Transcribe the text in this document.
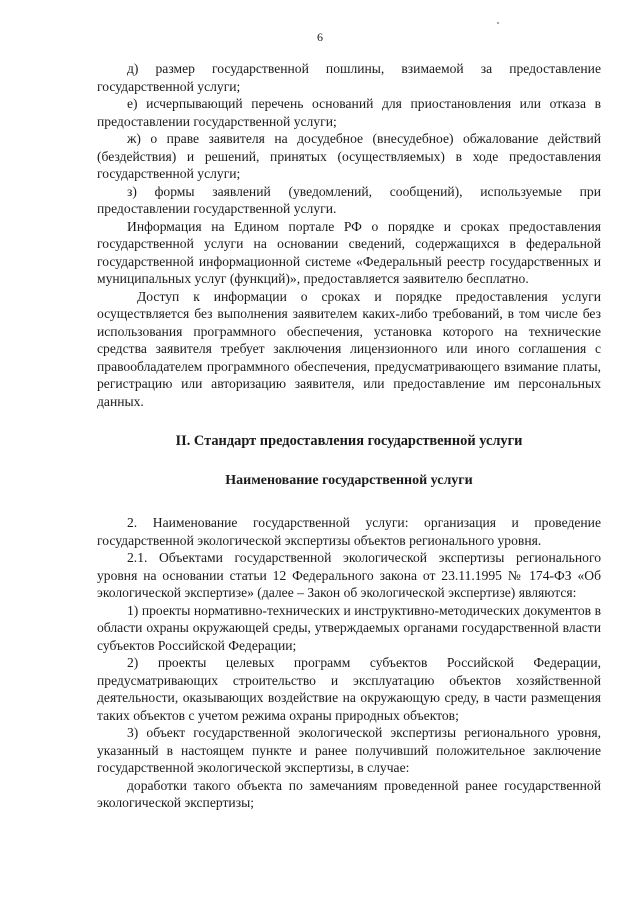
6

д) размер государственной пошлины, взимаемой за предоставление государственной услуги;

е) исчерпывающий перечень оснований для приостановления или отказа в предоставлении государственной услуги;

ж) о праве заявителя на досудебное (внесудебное) обжалование действий (бездействия) и решений, принятых (осуществляемых) в ходе предоставления государственной услуги;

з) формы заявлений (уведомлений, сообщений), используемые при предоставлении государственной услуги.

Информация на Едином портале РФ о порядке и сроках предоставления государственной услуги на основании сведений, содержащихся в федеральной государственной информационной системе «Федеральный реестр государственных и муниципальных услуг (функций)», предоставляется заявителю бесплатно.

Доступ к информации о сроках и порядке предоставления услуги осуществляется без выполнения заявителем каких-либо требований, в том числе без использования программного обеспечения, установка которого на технические средства заявителя требует заключения лицензионного или иного соглашения с правообладателем программного обеспечения, предусматривающего взимание платы, регистрацию или авторизацию заявителя, или предоставление им персональных данных.

II. Стандарт предоставления государственной услуги
Наименование государственной услуги

2. Наименование государственной услуги: организация и проведение государственной экологической экспертизы объектов регионального уровня.

2.1. Объектами государственной экологической экспертизы регионального уровня на основании статьи 12 Федерального закона от 23.11.1995 № 174-ФЗ «Об экологической экспертизе» (далее – Закон об экологической экспертизе) являются:

1) проекты нормативно-технических и инструктивно-методических документов в области охраны окружающей среды, утверждаемых органами государственной власти субъектов Российской Федерации;

2) проекты целевых программ субъектов Российской Федерации, предусматривающих строительство и эксплуатацию объектов хозяйственной деятельности, оказывающих воздействие на окружающую среду, в части размещения таких объектов с учетом режима охраны природных объектов;

3) объект государственной экологической экспертизы регионального уровня, указанный в настоящем пункте и ранее получивший положительное заключение государственной экологической экспертизы, в случае:

доработки такого объекта по замечаниям проведенной ранее государственной экологической экспертизы;
